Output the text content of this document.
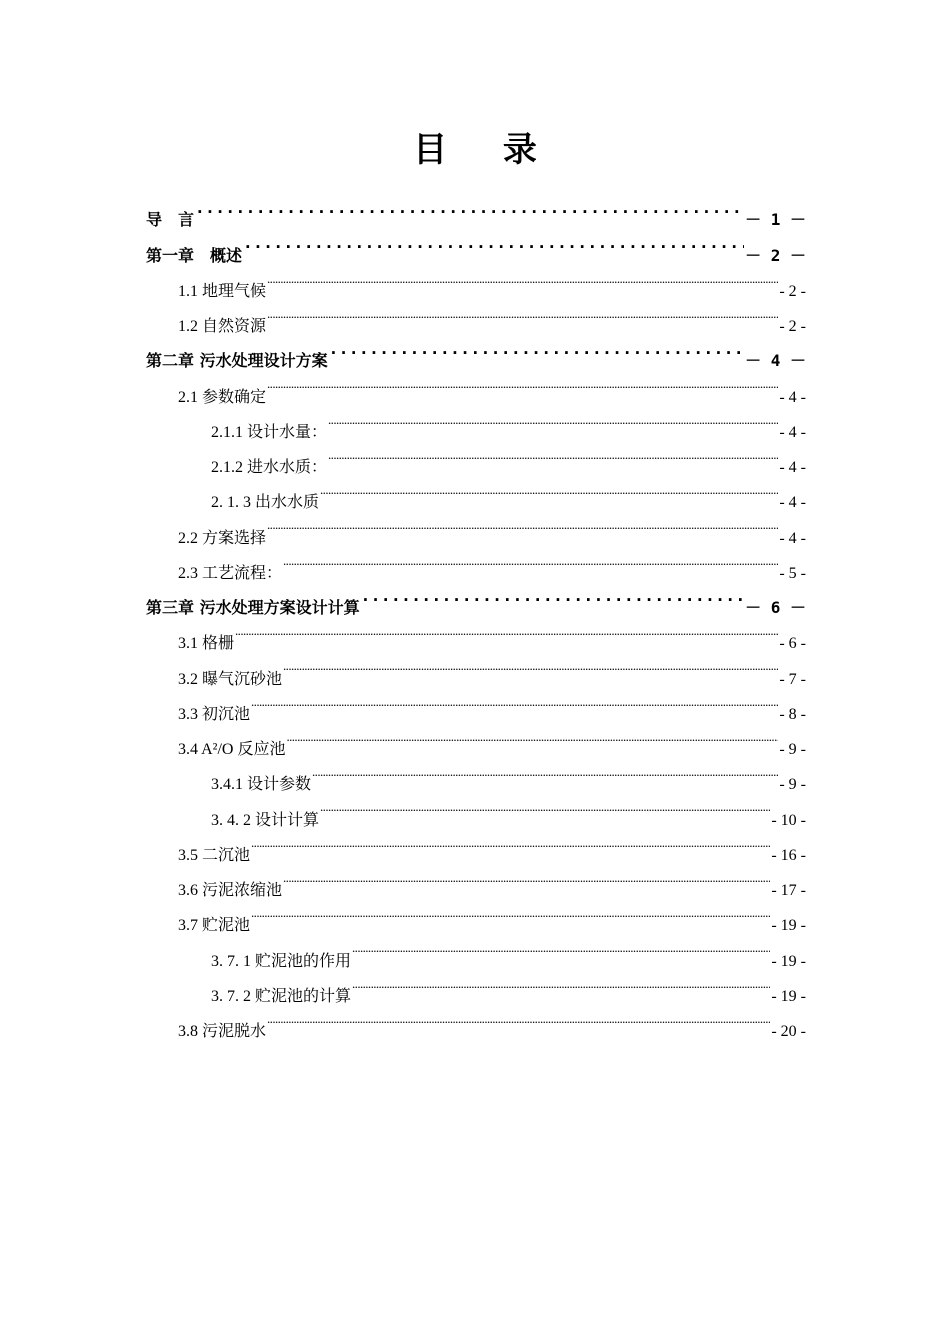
目 录
导　言 .....	－ 1 －
第一章　概述 .....	－ 2 －
1.1 地理气候 .....	- 2 -
1.2 自然资源 .....	- 2 -
第二章 污水处理设计方案 .....	－ 4 －
2.1 参数确定 .....	- 4 -
2.1.1 设计水量： .....	- 4 -
2.1.2 进水水质： .....	- 4 -
2. 1. 3 出水水质 .....	- 4 -
2.2 方案选择 .....	- 4 -
2.3 工艺流程： .....	- 5 -
第三章 污水处理方案设计计算 .....	－ 6 －
3.1 格栅 .....	- 6 -
3.2 曝气沉砂池 .....	- 7 -
3.3 初沉池 .....	- 8 -
3.4 A²/O 反应池 .....	- 9 -
3.4.1 设计参数 .....	- 9 -
3. 4. 2 设计计算 .....	- 10 -
3.5 二沉池 .....	- 16 -
3.6 污泥浓缩池 .....	- 17 -
3.7 贮泥池 .....	- 19 -
3. 7. 1 贮泥池的作用 .....	- 19 -
3. 7. 2 贮泥池的计算 .....	- 19 -
3.8 污泥脱水 .....	- 20 -
